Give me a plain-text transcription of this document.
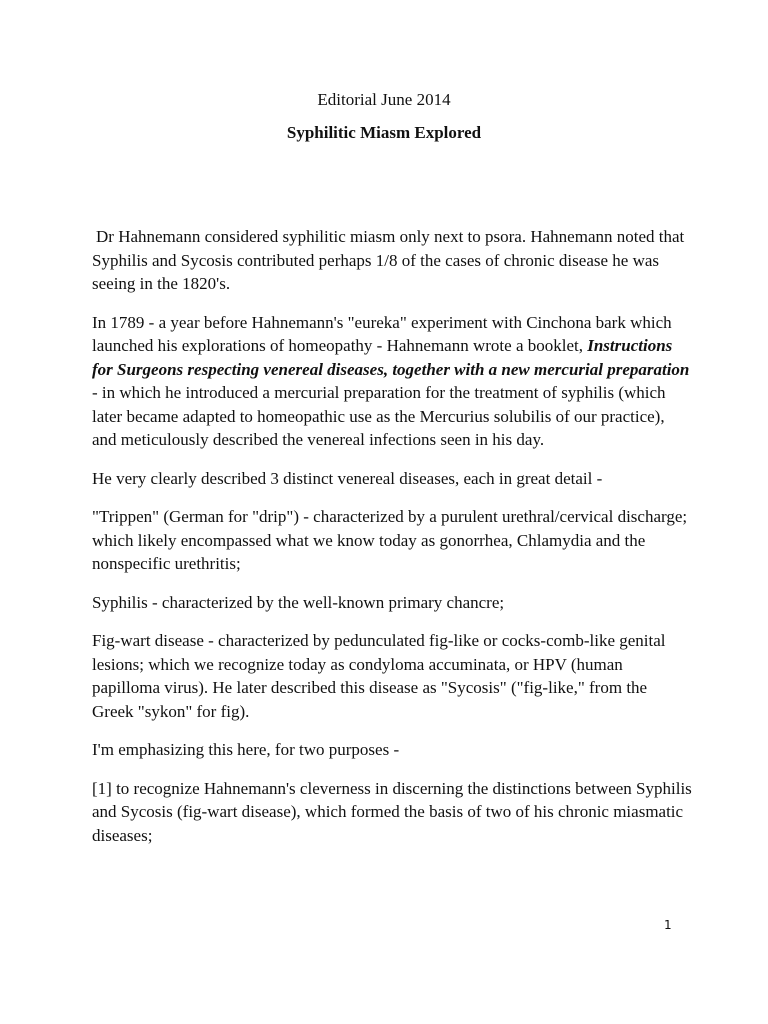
Editorial June 2014
Syphilitic Miasm Explored

Dr Hahnemann considered syphilitic miasm only next to psora. Hahnemann noted that Syphilis and Sycosis contributed perhaps 1/8 of the cases of chronic disease he was seeing in the 1820's.

In 1789 - a year before Hahnemann's "eureka" experiment with Cinchona bark which launched his explorations of homeopathy - Hahnemann wrote a booklet, Instructions for Surgeons respecting venereal diseases, together with a new mercurial preparation - in which he introduced a mercurial preparation for the treatment of syphilis (which later became adapted to homeopathic use as the Mercurius solubilis of our practice), and meticulously described the venereal infections seen in his day.

He very clearly described 3 distinct venereal diseases, each in great detail -

"Trippen" (German for "drip") - characterized by a purulent urethral/cervical discharge; which likely encompassed what we know today as gonorrhea, Chlamydia and the nonspecific urethritis;

Syphilis - characterized by the well-known primary chancre;

Fig-wart disease - characterized by pedunculated fig-like or cocks-comb-like genital lesions; which we recognize today as condyloma accuminata, or HPV (human papilloma virus). He later described this disease as "Sycosis" ("fig-like," from the Greek "sykon" for fig).

I'm emphasizing this here, for two purposes -

[1] to recognize Hahnemann's cleverness in discerning the distinctions between Syphilis and Sycosis (fig-wart disease), which formed the basis of two of his chronic miasmatic diseases;

1
